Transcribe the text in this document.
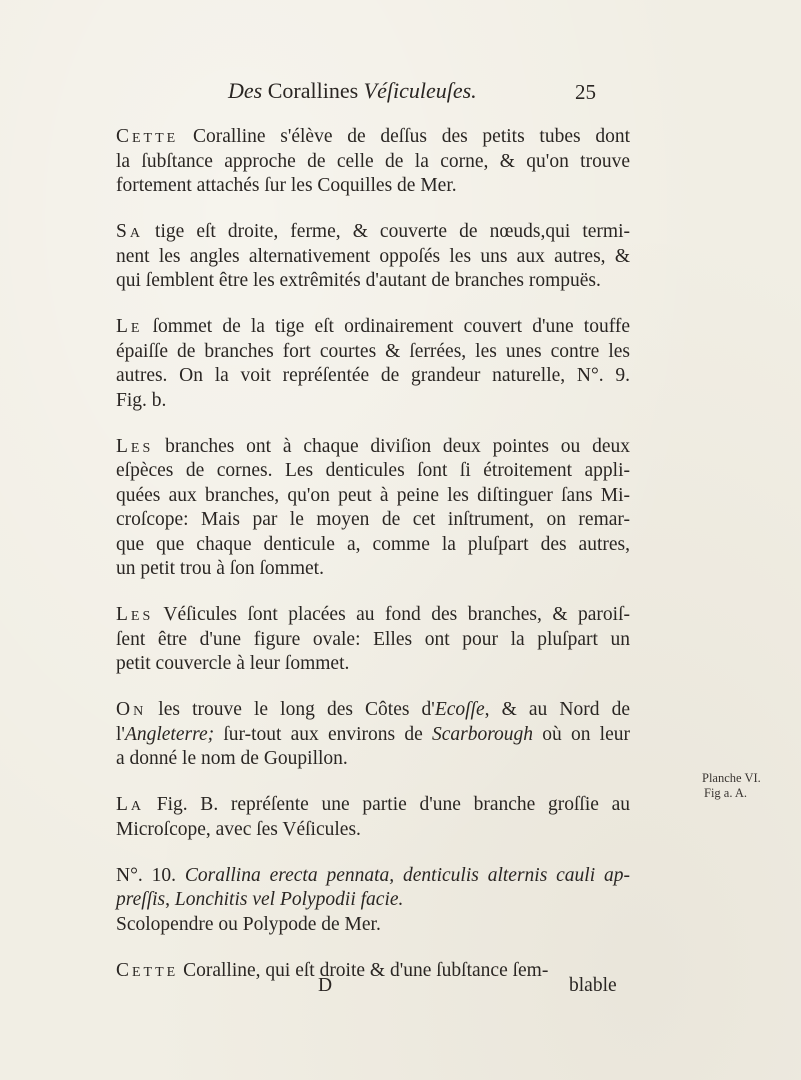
Des Corallines Véſiculeuſes.	25

Cette Coralline s'élève de deſſus des petits tubes dont
la ſubſtance approche de celle de la corne, & qu'on trouve
fortement attachés ſur les Coquilles de Mer.

Sa tige eſt droite, ferme, & couverte de nœuds,qui termi-
nent les angles alternativement oppoſés les uns aux autres, &
qui ſemblent être les extrêmités d'autant de branches rompuës.

Le ſommet de la tige eſt ordinairement couvert d'une touffe
épaiſſe de branches fort courtes & ſerrées, les unes contre les
autres. On la voit repréſentée de grandeur naturelle, N°. 9.
Fig. b.

Les branches ont à chaque diviſion deux pointes ou deux
eſpèces de cornes. Les denticules ſont ſi étroitement appli-
quées aux branches, qu'on peut à peine les diſtinguer ſans Mi-
croſcope: Mais par le moyen de cet inſtrument, on remar-
que que chaque denticule a, comme la pluſpart des autres,
un petit trou à ſon ſommet.

Les Véſicules ſont placées au fond des branches, & paroiſ-
ſent être d'une figure ovale: Elles ont pour la pluſpart un
petit couvercle à leur ſommet.

On les trouve le long des Côtes d'Ecoſſe, & au Nord de
l'Angleterre; ſur-tout aux environs de Scarborough où on leur
a donné le nom de Goupillon.

La Fig. B. repréſente une partie d'une branche groſſie au
Microſcope, avec ſes Véſicules.

N°. 10. Corallina erecta pennata, denticulis alternis cauli ap-
preſſis, Lonchitis vel Polypodii facie.
Scolopendre ou Polypode de Mer.

Cette Coralline, qui eſt droite & d'une ſubſtance ſem-

Planche VI.
Fig a. A.
D	blable
